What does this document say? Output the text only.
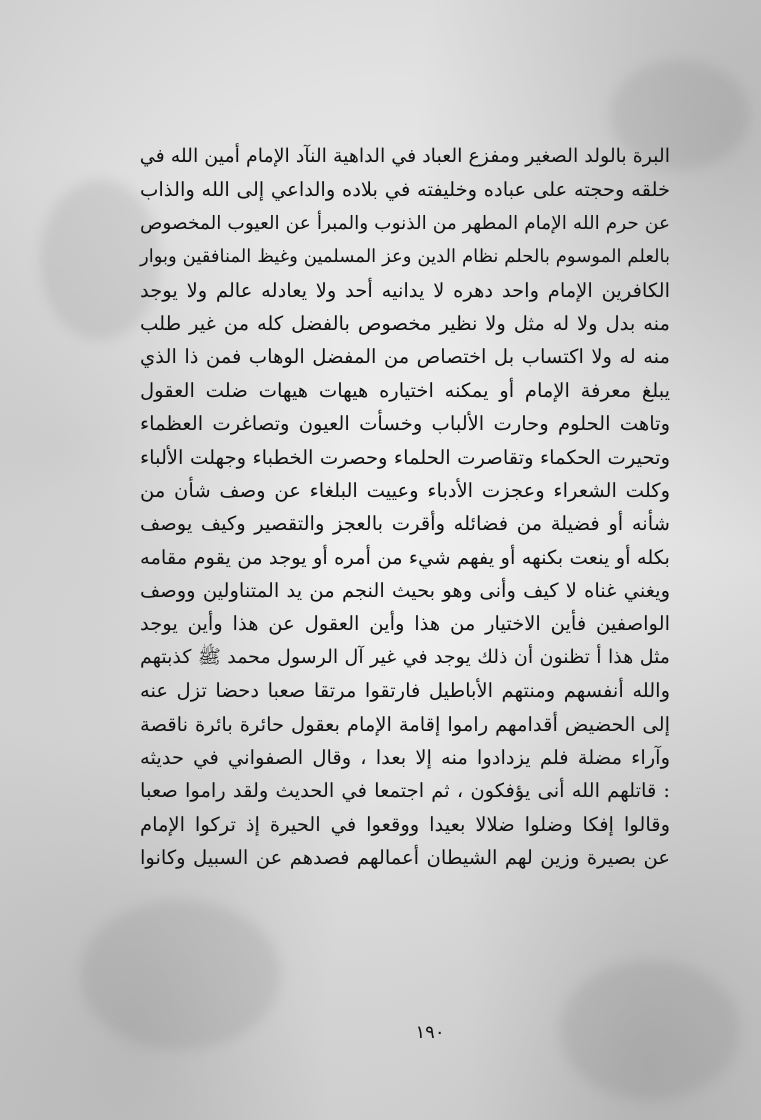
البرة بالولد الصغير ومفزع العباد في الداهية النآد الإمام أمين الله في
خلقه وحجته على عباده وخليفته في بلاده والداعي إلى الله والذاب
عن حرم الله الإمام المطهر من الذنوب والمبرأ عن العيوب المخصوص
بالعلم الموسوم بالحلم نظام الدين وعز المسلمين وغيظ المنافقين وبوار
الكافرين الإمام واحد دهره لا يدانيه أحد ولا يعادله عالم ولا يوجد
منه بدل ولا له مثل ولا نظير مخصوص بالفضل كله من غير طلب
منه له ولا اكتساب بل اختصاص من المفضل الوهاب فمن ذا الذي
يبلغ معرفة الإمام أو يمكنه اختياره هيهات هيهات ضلت العقول
وتاهت الحلوم وحارت الألباب وخسأت العيون وتصاغرت العظماء
وتحيرت الحكماء وتقاصرت الحلماء وحصرت الخطباء وجهلت الألباء
وكلت الشعراء وعجزت الأدباء وعييت البلغاء عن وصف شأن من
شأنه أو فضيلة من فضائله وأقرت بالعجز والتقصير وكيف يوصف
بكله أو ينعت بكنهه أو يفهم شيء من أمره أو يوجد من يقوم مقامه
ويغني غناه لا كيف وأنى وهو بحيث النجم من يد المتناولين ووصف
الواصفين فأين الاختيار من هذا وأين العقول عن هذا وأين يوجد
مثل هذا أ تظنون أن ذلك يوجد في غير آل الرسول محمد ﷺ كذبتهم
والله أنفسهم ومنتهم الأباطيل فارتقوا مرتقا صعبا دحضا تزل عنه
إلى الحضيض أقدامهم راموا إقامة الإمام بعقول حائرة بائرة ناقصة
وآراء مضلة فلم يزدادوا منه إلا بعدا ، وقال الصفواني في حديثه
: قاتلهم الله أنى يؤفكون ، ثم اجتمعا في الحديث ولقد راموا صعبا
وقالوا إفكا وضلوا ضلالا بعيدا ووقعوا في الحيرة إذ تركوا الإمام
عن بصيرة وزين لهم الشيطان أعمالهم فصدهم عن السبيل وكانوا
١٩٠
